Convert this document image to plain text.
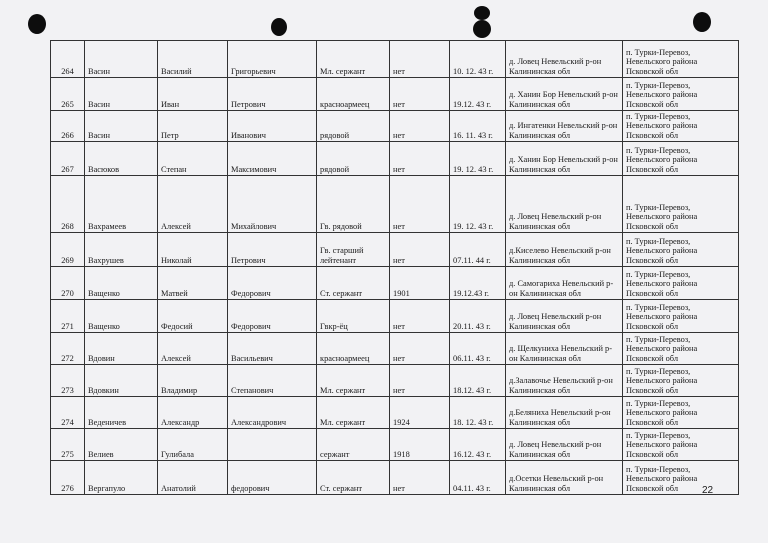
264	Васин	Василий	Григорьевич	Мл. сержант	нет	10. 12. 43 г.	д. Ловец Невельский р-он Калининская обл	п. Турки-Перевоз, Невельского района Псковской обл
265	Васин	Иван	Петрович	красноармеец	нет	19.12. 43 г.	д. Ханин Бор Невельский р-он Калининская обл	п. Турки-Перевоз, Невельского района Псковской обл
266	Васин	Петр	Иванович	рядовой	нет	16. 11. 43 г.	д. Ингатенки Невельский р-он Калининская обл	п. Турки-Перевоз, Невельского района Псковской обл
267	Васюков	Степан	Максимович	рядовой	нет	19. 12. 43 г.	д. Ханин Бор Невельский р-он Калининская обл	п. Турки-Перевоз, Невельского района Псковской обл
268	Вахрамеев	Алексей	Михайлович	Гв. рядовой	нет	19. 12. 43 г.	д. Ловец Невельский р-он Калининская обл	п. Турки-Перевоз, Невельского района Псковской обл
269	Вахрушев	Николай	Петрович	Гв. старший лейтенант	нет	07.11. 44 г.	д.Киселево Невельский р-он Калининская обл	п. Турки-Перевоз, Невельского района Псковской обл
270	Ващенко	Матвей	Федорович	Ст. сержант	1901	19.12.43 г.	д. Самогариха Невельский р-он Калининская обл	п. Турки-Перевоз, Невельского района Псковской обл
271	Ващенко	Федосий	Федорович	Гвкр-ёц	нет	20.11. 43 г.	д. Ловец Невельский р-он Калининская обл	п. Турки-Перевоз, Невельского района Псковской обл
272	Вдовин	Алексей	Васильевич	красноармеец	нет	06.11. 43 г.	д. Щелкуниха Невельский р-он Калининская обл	п. Турки-Перевоз, Невельского района Псковской обл
273	Вдовкин	Владимир	Степанович	Мл. сержант	нет	18.12. 43 г.	д.Залавочье Невельский р-он Калининская обл	п. Турки-Перевоз, Невельского района Псковской обл
274	Веденичев	Александр	Александрович	Мл. сержант	1924	18. 12. 43 г.	д.Беляниха Невельский р-он Калининская обл	п. Турки-Перевоз, Невельского района Псковской обл
275	Велиев	Гулибала		сержант	1918	16.12. 43 г.	д. Ловец Невельский р-он Калининская обл	п. Турки-Перевоз, Невельского района Псковской обл
276	Вергапуло	Анатолий	федорович	Ст. сержант	нет	04.11. 43 г.	д.Осетки Невельский р-он Калининская обл	п. Турки-Перевоз, Невельского района Псковской обл 22
